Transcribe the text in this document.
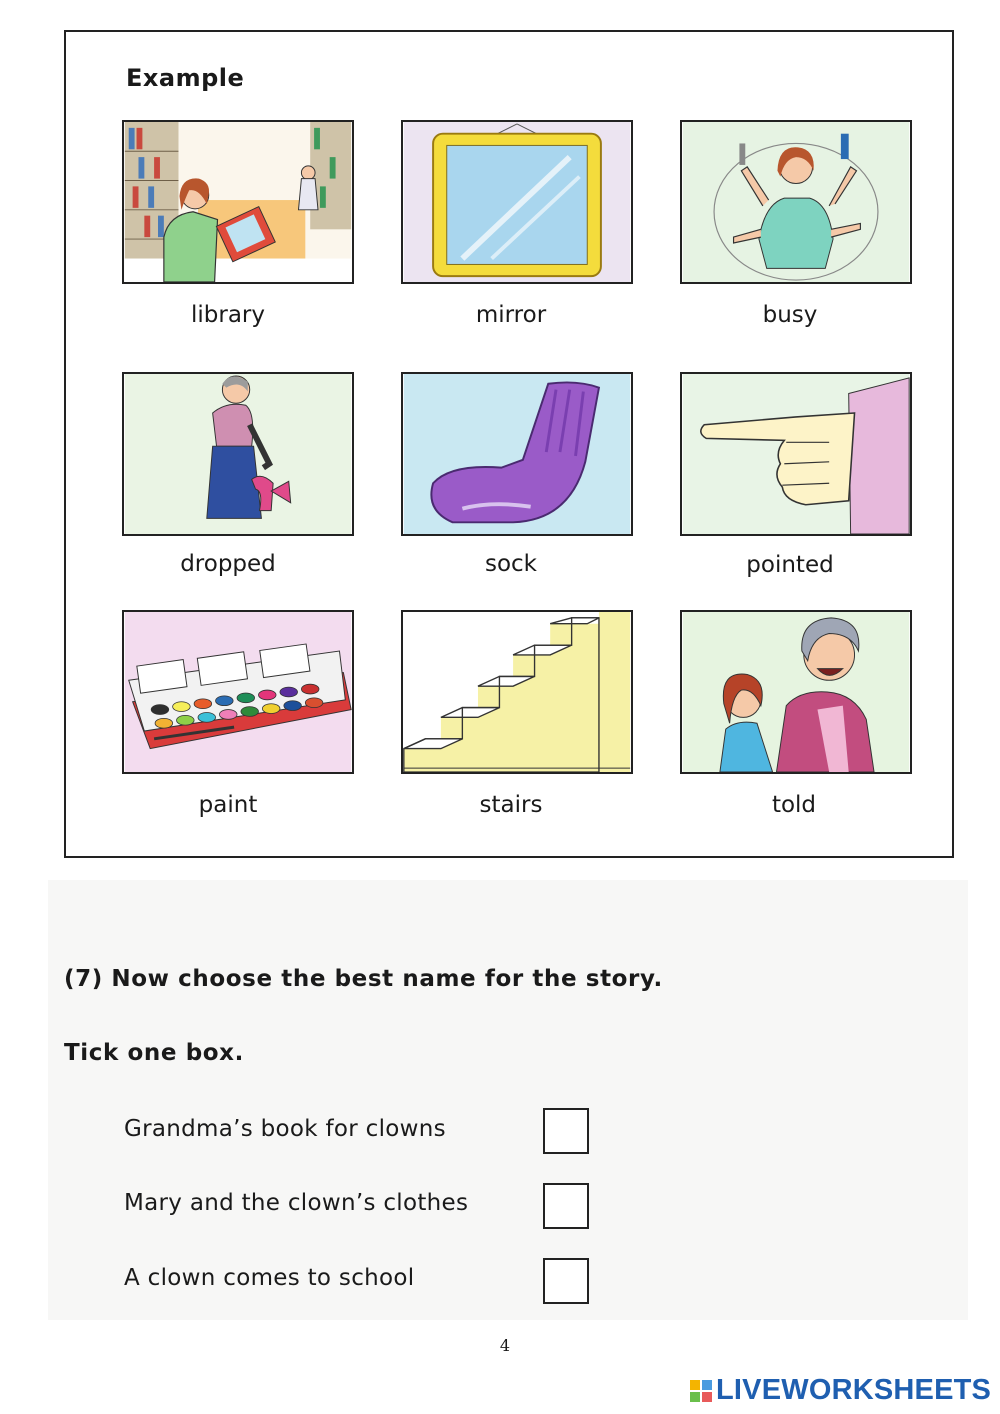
Example
library	mirror	busy
dropped	sock	pointed
paint	stairs	told
(7) Now choose the best name for the story.
Tick one box.
Grandma’s book for clowns
Mary and the clown’s clothes
A clown comes to school
4
LIVEWORKSHEETS
